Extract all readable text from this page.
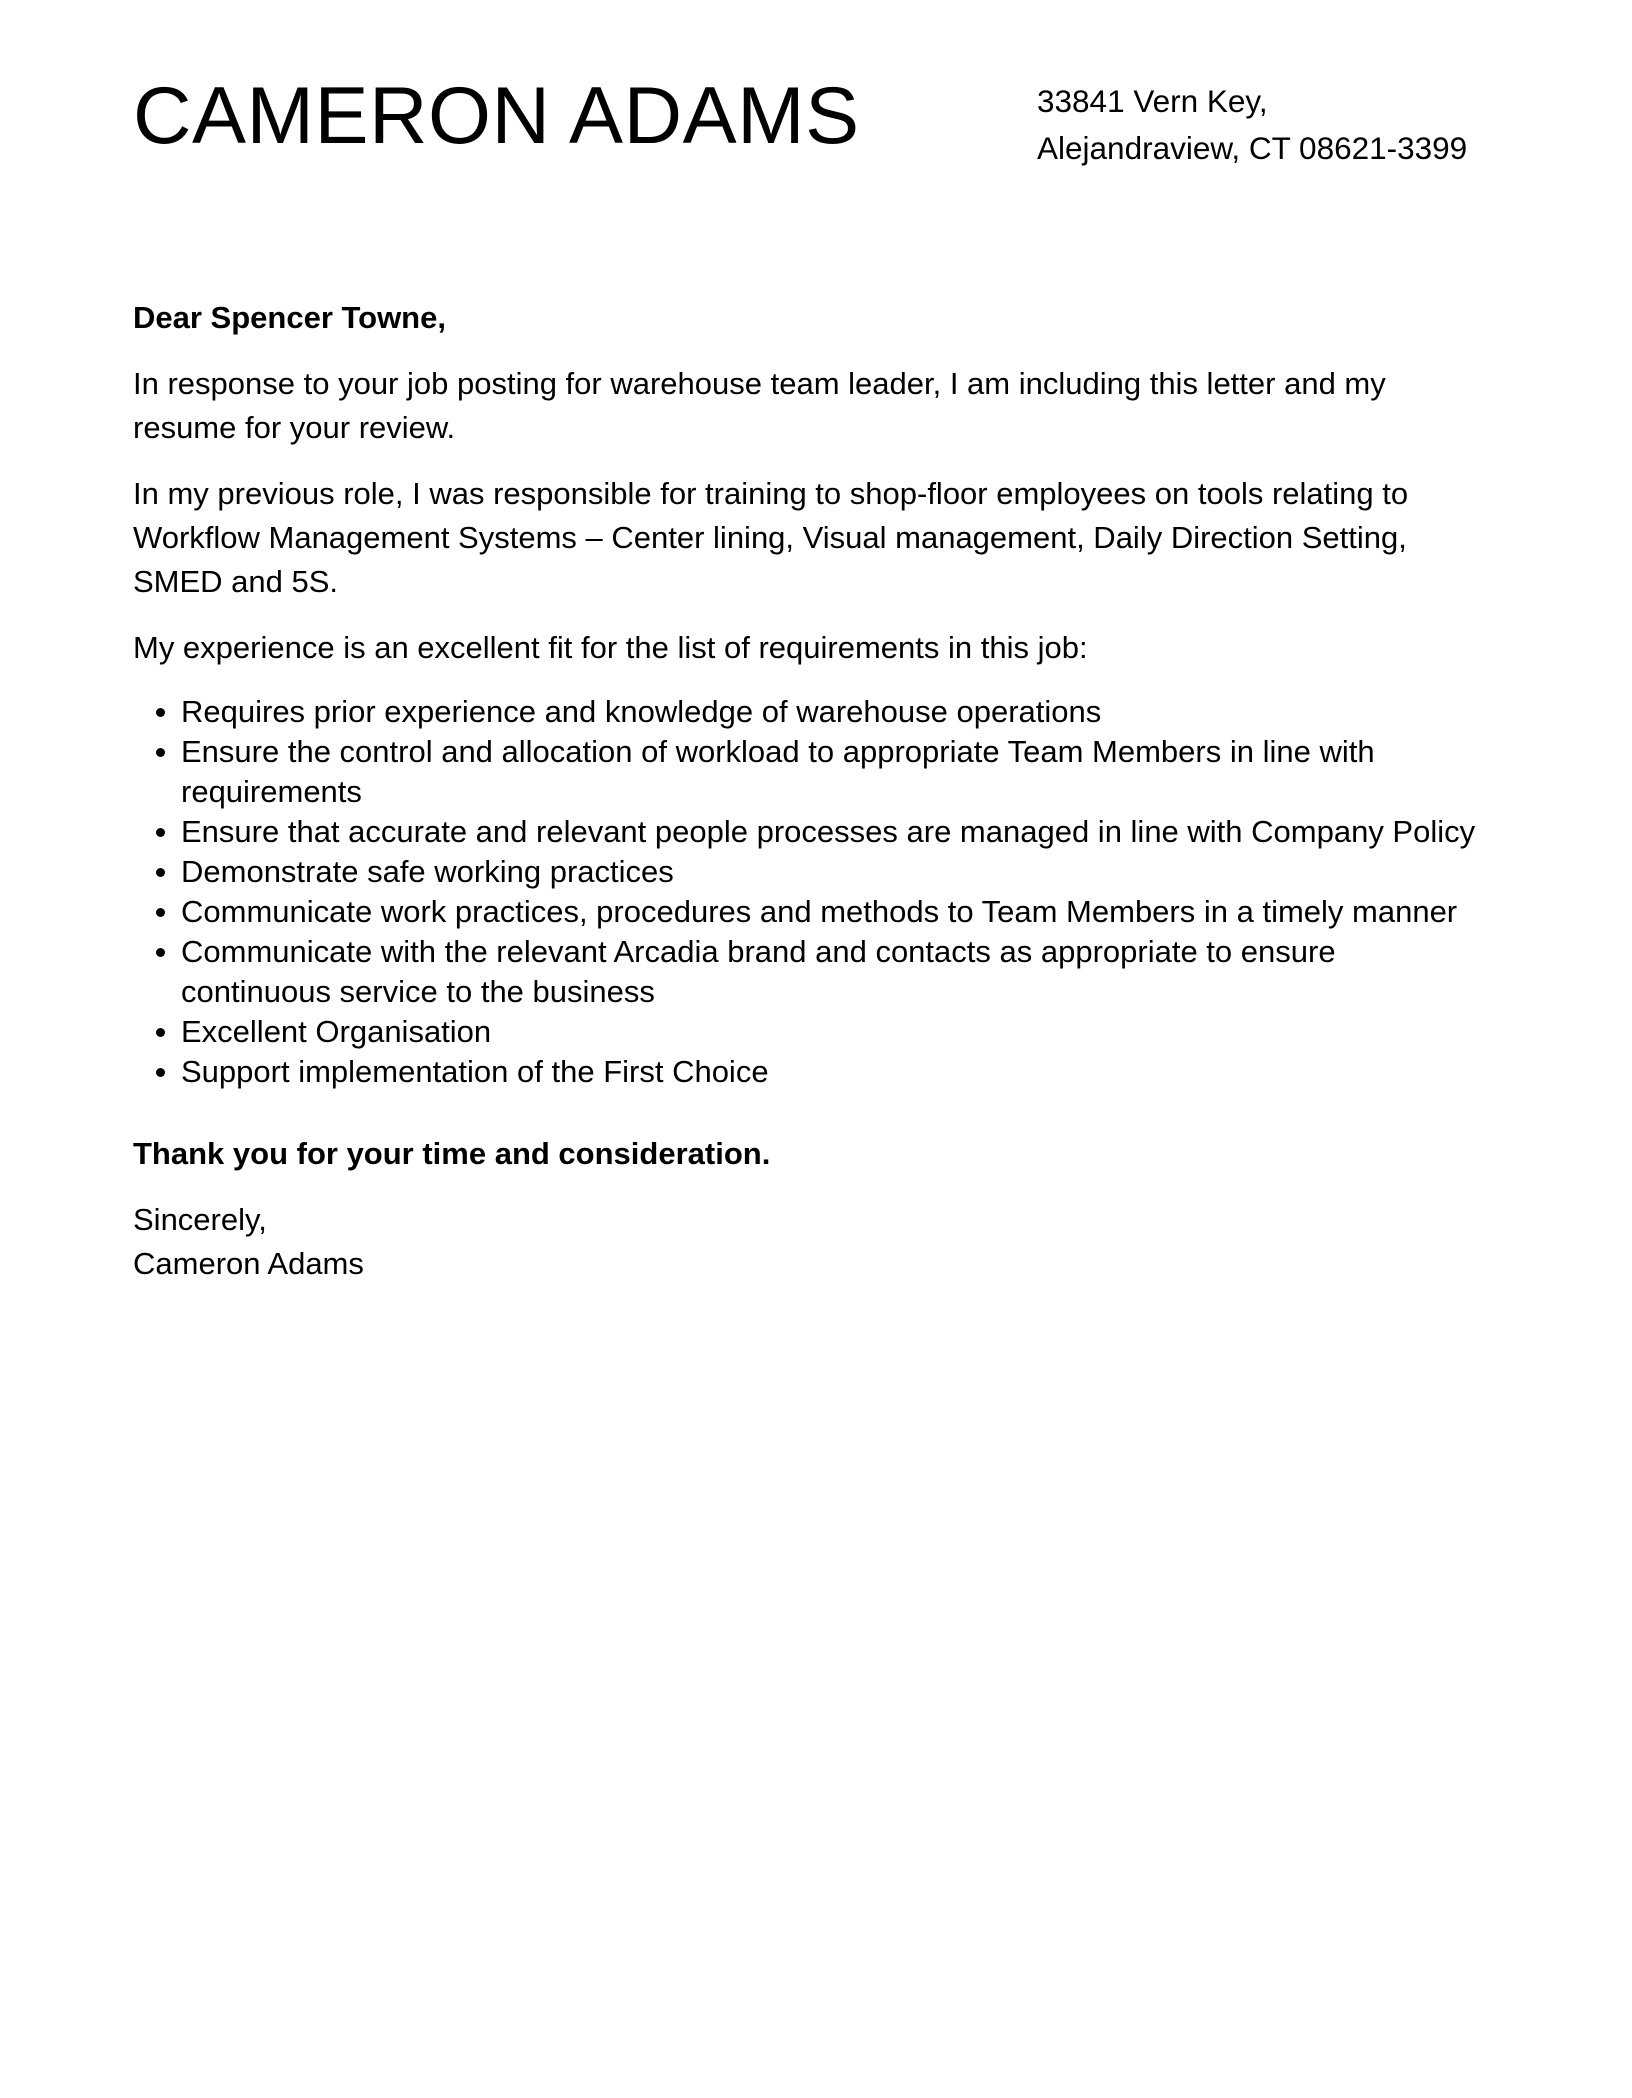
CAMERON ADAMS	33841 Vern Key,
Alejandraview, CT 08621-3399

Dear Spencer Towne,

In response to your job posting for warehouse team leader, I am including this letter and my resume for your review.

In my previous role, I was responsible for training to shop-floor employees on tools relating to Workflow Management Systems – Center lining, Visual management, Daily Direction Setting, SMED and 5S.

My experience is an excellent fit for the list of requirements in this job:

Requires prior experience and knowledge of warehouse operations
Ensure the control and allocation of workload to appropriate Team Members in line with requirements
Ensure that accurate and relevant people processes are managed in line with Company Policy
Demonstrate safe working practices
Communicate work practices, procedures and methods to Team Members in a timely manner
Communicate with the relevant Arcadia brand and contacts as appropriate to ensure continuous service to the business
Excellent Organisation
Support implementation of the First Choice

Thank you for your time and consideration.

Sincerely,

Cameron Adams
